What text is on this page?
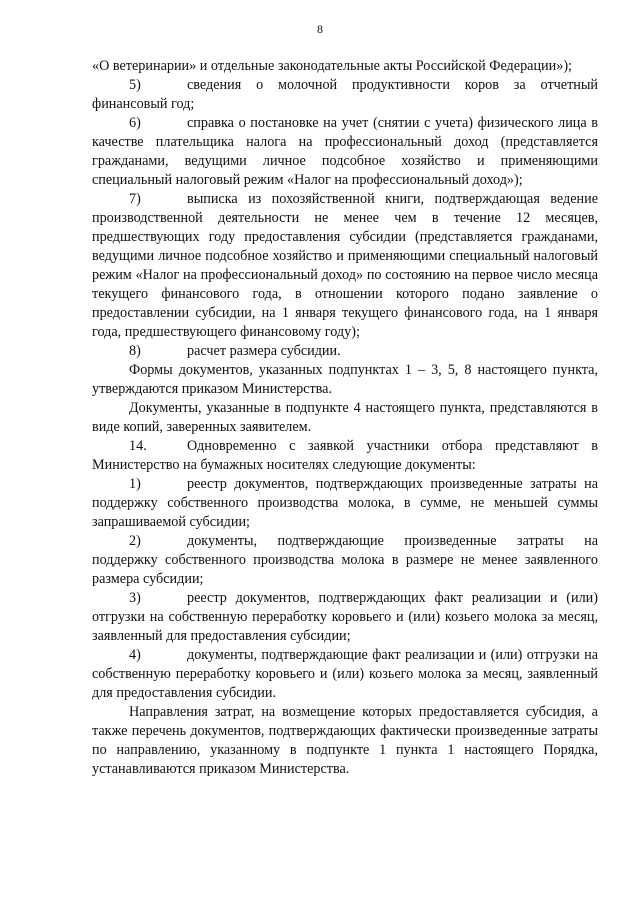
8

«О ветеринарии» и отдельные законодательные акты Российской Федерации»);

5)	сведения о молочной продуктивности коров за отчетный финансовый год;

6)	справка о постановке на учет (снятии с учета) физического лица в качестве плательщика налога на профессиональный доход (представляется гражданами, ведущими личное подсобное хозяйство и применяющими специальный налоговый режим «Налог на профессиональный доход»);

7)	выписка из похозяйственной книги, подтверждающая ведение производственной деятельности не менее чем в течение 12 месяцев, предшествующих году предоставления субсидии (представляется гражданами, ведущими личное подсобное хозяйство и применяющими специальный налоговый режим «Налог на профессиональный доход» по состоянию на первое число месяца текущего финансового года, в отношении которого подано заявление о предоставлении субсидии, на 1 января текущего финансового года, на 1 января года, предшествующего финансовому году);

8)	расчет размера субсидии.

Формы документов, указанных подпунктах 1 – 3, 5, 8 настоящего пункта, утверждаются приказом Министерства.

Документы, указанные в подпункте 4 настоящего пункта, представляются в виде копий, заверенных заявителем.

14.	Одновременно с заявкой участники отбора представляют в Министерство на бумажных носителях следующие документы:

1)	реестр документов, подтверждающих произведенные затраты на поддержку собственного производства молока, в сумме, не меньшей суммы запрашиваемой субсидии;

2)	документы, подтверждающие произведенные затраты на поддержку собственного производства молока в размере не менее заявленного размера субсидии;

3)	реестр документов, подтверждающих факт реализации и (или) отгрузки на собственную переработку коровьего и (или) козьего молока за месяц, заявленный для предоставления субсидии;

4)	документы, подтверждающие факт реализации и (или) отгрузки на собственную переработку коровьего и (или) козьего молока за месяц, заявленный для предоставления субсидии.

Направления затрат, на возмещение которых предоставляется субсидия, а также перечень документов, подтверждающих фактически произведенные затраты по направлению, указанному в подпункте 1 пункта 1 настоящего Порядка, устанавливаются приказом Министерства.
